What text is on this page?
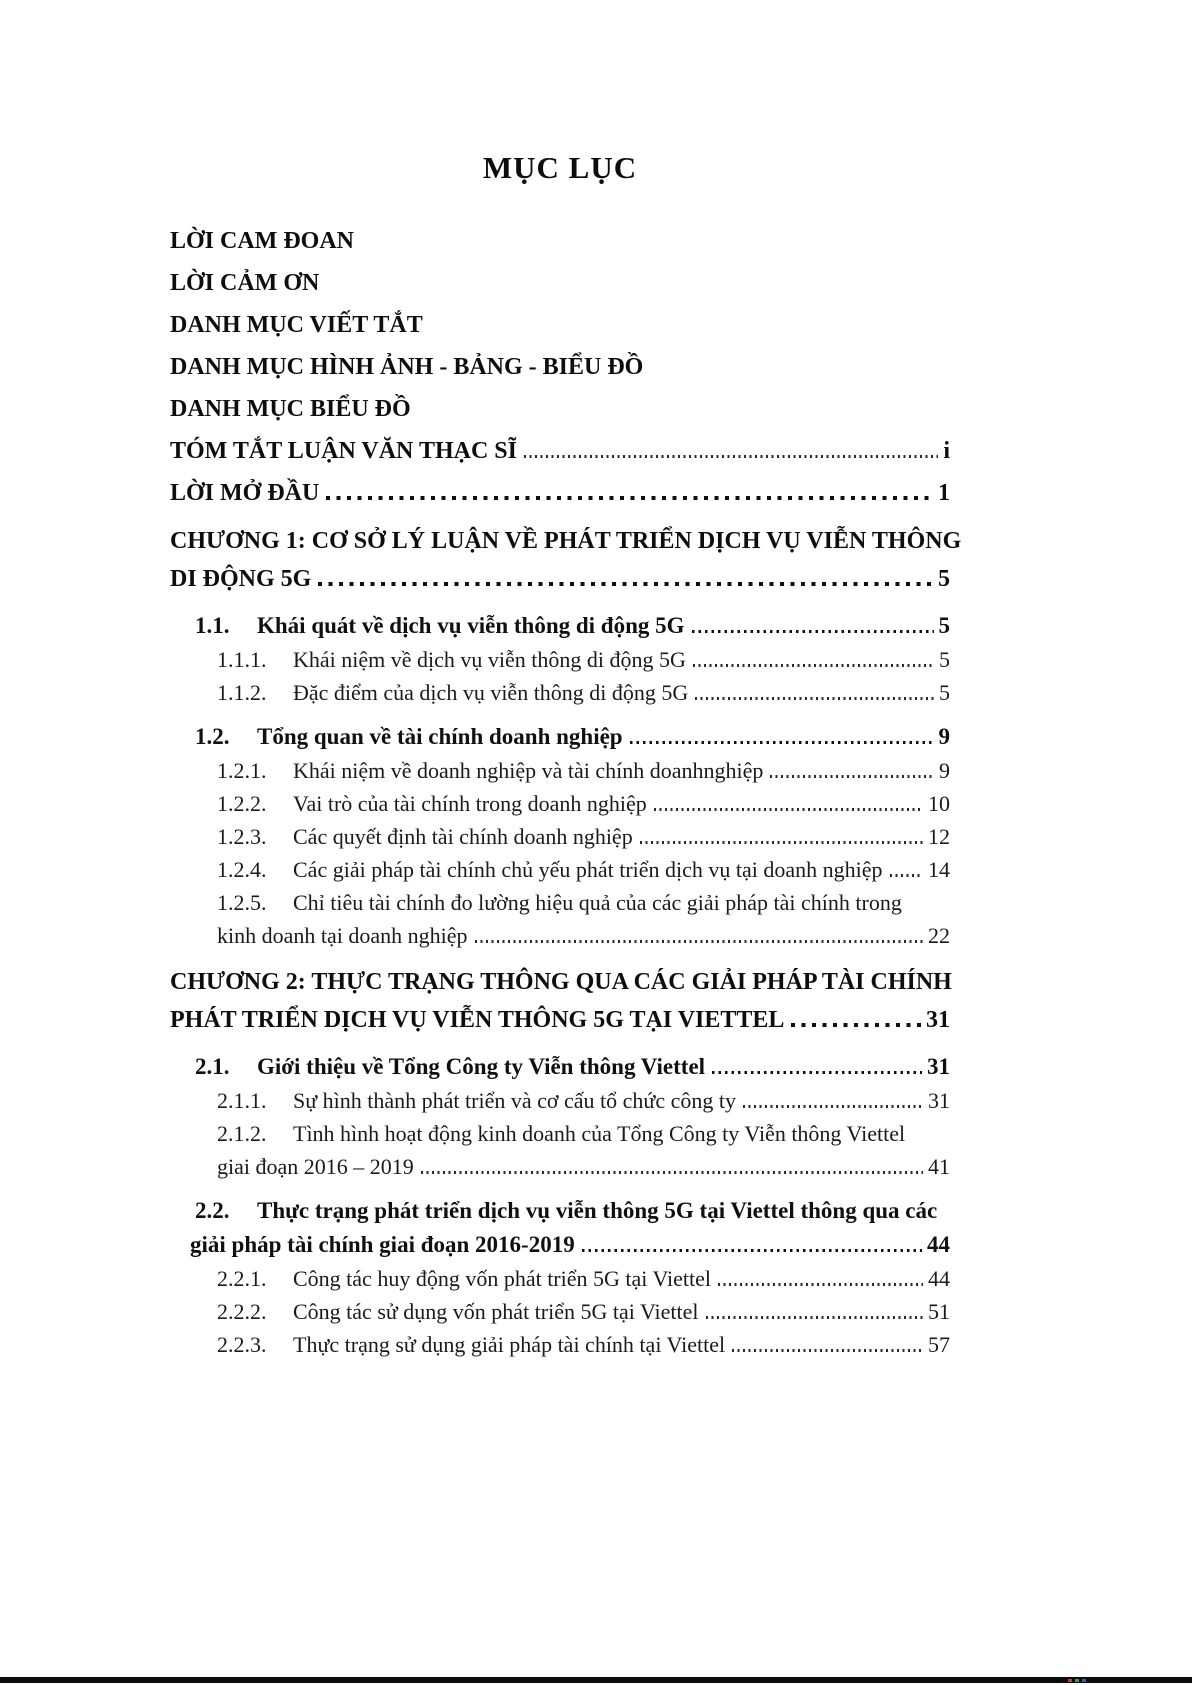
MỤC LỤC
LỜI CAM ĐOAN
LỜI CẢM ƠN
DANH MỤC VIẾT TẮT
DANH MỤC HÌNH ẢNH - BẢNG - BIỂU ĐỒ
DANH MỤC BIỂU ĐỒ
TÓM TẮT LUẬN VĂN THẠC SĨ	i
LỜI MỞ ĐẦU	1
CHƯƠNG 1: CƠ SỞ LÝ LUẬN VỀ PHÁT TRIỂN DỊCH VỤ VIỄN THÔNG
DI ĐỘNG 5G	5
1.1.	Khái quát về dịch vụ viễn thông di động 5G	5
1.1.1.	Khái niệm về dịch vụ viễn thông di động 5G	5
1.1.2.	Đặc điểm của dịch vụ viễn thông di động 5G	5
1.2.	Tổng quan về tài chính doanh nghiệp	9
1.2.1.	Khái niệm về doanh nghiệp và tài chính doanhnghiệp	9
1.2.2.	Vai trò của tài chính trong doanh nghiệp	10
1.2.3.	Các quyết định tài chính doanh nghiệp	12
1.2.4.	Các giải pháp tài chính chủ yếu phát triển dịch vụ tại doanh nghiệp 14
1.2.5.	Chỉ tiêu tài chính đo lường hiệu quả của các giải pháp tài chính trong
kinh doanh tại doanh nghiệp	22
CHƯƠNG 2: THỰC TRẠNG THÔNG QUA CÁC GIẢI PHÁP TÀI CHÍNH
PHÁT TRIỂN DỊCH VỤ VIỄN THÔNG 5G TẠI VIETTEL	31
2.1.	Giới thiệu về Tổng Công ty Viễn thông Viettel	31
2.1.1.	Sự hình thành phát triển và cơ cấu tổ chức công ty	31
2.1.2.	Tình hình hoạt động kinh doanh của Tổng Công ty Viễn thông Viettel
giai đoạn 2016 – 2019	41
2.2.	Thực trạng phát triển dịch vụ viễn thông 5G tại Viettel thông qua các
giải pháp tài chính giai đoạn 2016-2019	44
2.2.1.	Công tác huy động vốn phát triển 5G tại Viettel	44
2.2.2.	Công tác sử dụng vốn phát triển 5G tại Viettel	51
2.2.3.	Thực trạng sử dụng giải pháp tài chính tại Viettel	57
